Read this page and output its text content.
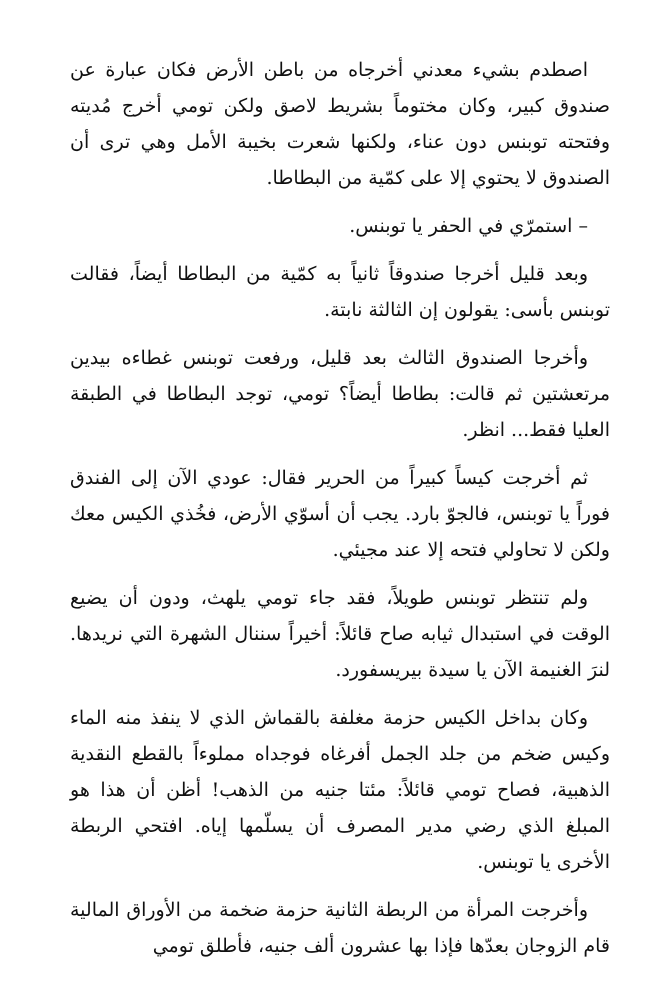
اصطدم بشيء معدني أخرجاه من باطن الأرض فكان عبارة عن صندوق كبير، وكان مختوماً بشريط لاصق ولكن تومي أخرج مُديته وفتحته توبنس دون عناء، ولكنها شعرت بخيبة الأمل وهي ترى أن الصندوق لا يحتوي إلا على كمّية من البطاطا.

– استمرّي في الحفر يا توبنس.

وبعد قليل أخرجا صندوقاً ثانياً به كمّية من البطاطا أيضاً، فقالت توبنس بأسى: يقولون إن الثالثة نابتة.

وأخرجا الصندوق الثالث بعد قليل، ورفعت توبنس غطاءه بيدين مرتعشتين ثم قالت: بطاطا أيضاً؟ تومي، توجد البطاطا في الطبقة العليا فقط... انظر.

ثم أخرجت كيساً كبيراً من الحرير فقال: عودي الآن إلى الفندق فوراً يا توبنس، فالجوّ بارد. يجب أن أسوّي الأرض، فخُذي الكيس معك ولكن لا تحاولي فتحه إلا عند مجيئي.

ولم تنتظر توبنس طويلاً، فقد جاء تومي يلهث، ودون أن يضيع الوقت في استبدال ثيابه صاح قائلاً: أخيراً سننال الشهرة التي نريدها. لنرَ الغنيمة الآن يا سيدة بيريسفورد.

وكان بداخل الكيس حزمة مغلفة بالقماش الذي لا ينفذ منه الماء وكيس ضخم من جلد الجمل أفرغاه فوجداه مملوءاً بالقطع النقدية الذهبية، فصاح تومي قائلاً: مئتا جنيه من الذهب! أظن أن هذا هو المبلغ الذي رضي مدير المصرف أن يسلّمها إياه. افتحي الربطة الأخرى يا توبنس.

وأخرجت المرأة من الربطة الثانية حزمة ضخمة من الأوراق المالية قام الزوجان بعدّها فإذا بها عشرون ألف جنيه، فأطلق تومي
